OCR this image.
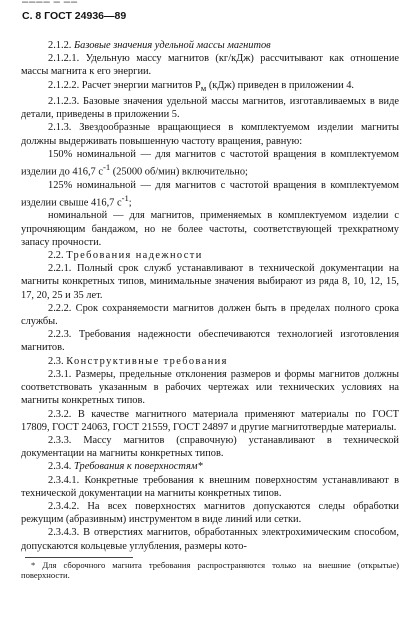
▔▔▔▔ ▔ ▔▔
С. 8 ГОСТ 24936—89

2.1.2. Базовые значения удельной массы магнитов

2.1.2.1. Удельную массу магнитов (кг/кДж) рассчитывают как отношение массы магнита к его энергии.

2.1.2.2. Расчет энергии магнитов $Р_м$ (кДж) приведен в приложении 4.

2.1.2.3. Базовые значения удельной массы магнитов, изготавливаемых в виде детали, приведены в приложении 5.

2.1.3. Звездообразные вращающиеся в комплектуемом изделии магниты должны выдерживать повышенную частоту вращения, равную:

150% номинальной — для магнитов с частотой вращения в комплектуемом изделии до 416,7 $с^{-1}$ (25000 об/мин) включительно;

125% номинальной — для магнитов с частотой вращения в комплектуемом изделии свыше 416,7 $с^{-1}$;

номинальной — для магнитов, применяемых в комплектуемом изделии с упрочняющим бандажом, но не более частоты, соответствующей трехкратному запасу прочности.

2.2. Требования надежности

2.2.1. Полный срок служб устанавливают в технической документации на магниты конкретных типов, минимальные значения выбирают из ряда 8, 10, 12, 15, 17, 20, 25 и 35 лет.

2.2.2. Срок сохраняемости магнитов должен быть в пределах полного срока службы.

2.2.3. Требования надежности обеспечиваются технологией изготовления магнитов.

2.3. Конструктивные требования

2.3.1. Размеры, предельные отклонения размеров и формы магнитов должны соответствовать указанным в рабочих чертежах или технических условиях на магниты конкретных типов.

2.3.2. В качестве магнитного материала применяют материалы по ГОСТ 17809, ГОСТ 24063, ГОСТ 21559, ГОСТ 24897 и другие магнитотвердые материалы.

2.3.3. Массу магнитов (справочную) устанавливают в технической документации на магниты конкретных типов.

2.3.4. Требования к поверхностям*

2.3.4.1. Конкретные требования к внешним поверхностям устанавливают в технической документации на магниты конкретных типов.

2.3.4.2. На всех поверхностях магнитов допускаются следы обработки режущим (абразивным) инструментом в виде линий или сетки.

2.3.4.3. В отверстиях магнитов, обработанных электрохимическим способом, допускаются кольцевые углубления, размеры кото-

* Для сборочного магнита требования распространяются только на внешние (открытые) поверхности.
